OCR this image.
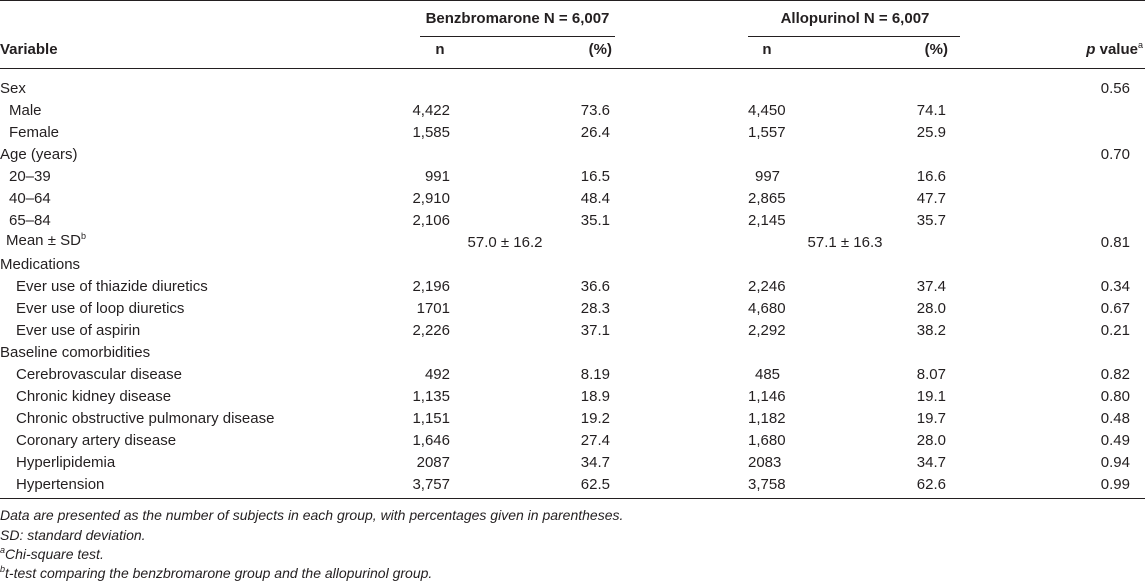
Benzbromarone N = 6,007	Allopurinol N = 6,007
Variable	n	(%)	n	(%)	p value$^a$
Sex	0.56
Male	4,422	73.6	4,450	74.1
Female	1,585	26.4	1,557	25.9
Age (years)	0.70
20–39	991	16.5	997	16.6
40–64	2,910	48.4	2,865	47.7
65–84	2,106	35.1	2,145	35.7
Mean ± $SD^b$	57.0 ± 16.2	57.1 ± 16.3	0.81
Medications
Ever use of thiazide diuretics	2,196	36.6	2,246	37.4	0.34
Ever use of loop diuretics	1701	28.3	4,680	28.0	0.67
Ever use of aspirin	2,226	37.1	2,292	38.2	0.21
Baseline comorbidities
Cerebrovascular disease	492	8.19	485	8.07	0.82
Chronic kidney disease	1,135	18.9	1,146	19.1	0.80
Chronic obstructive pulmonary disease	1,151	19.2	1,182	19.7	0.48
Coronary artery disease	1,646	27.4	1,680	28.0	0.49
Hyperlipidemia	2087	34.7	2083	34.7	0.94
Hypertension	3,757	62.5	3,758	62.6	0.99
Data are presented as the number of subjects in each group, with percentages given in parentheses.
SD: standard deviation.
$^a$Chi-square test.
$^b$t-test comparing the benzbromarone group and the allopurinol group.
